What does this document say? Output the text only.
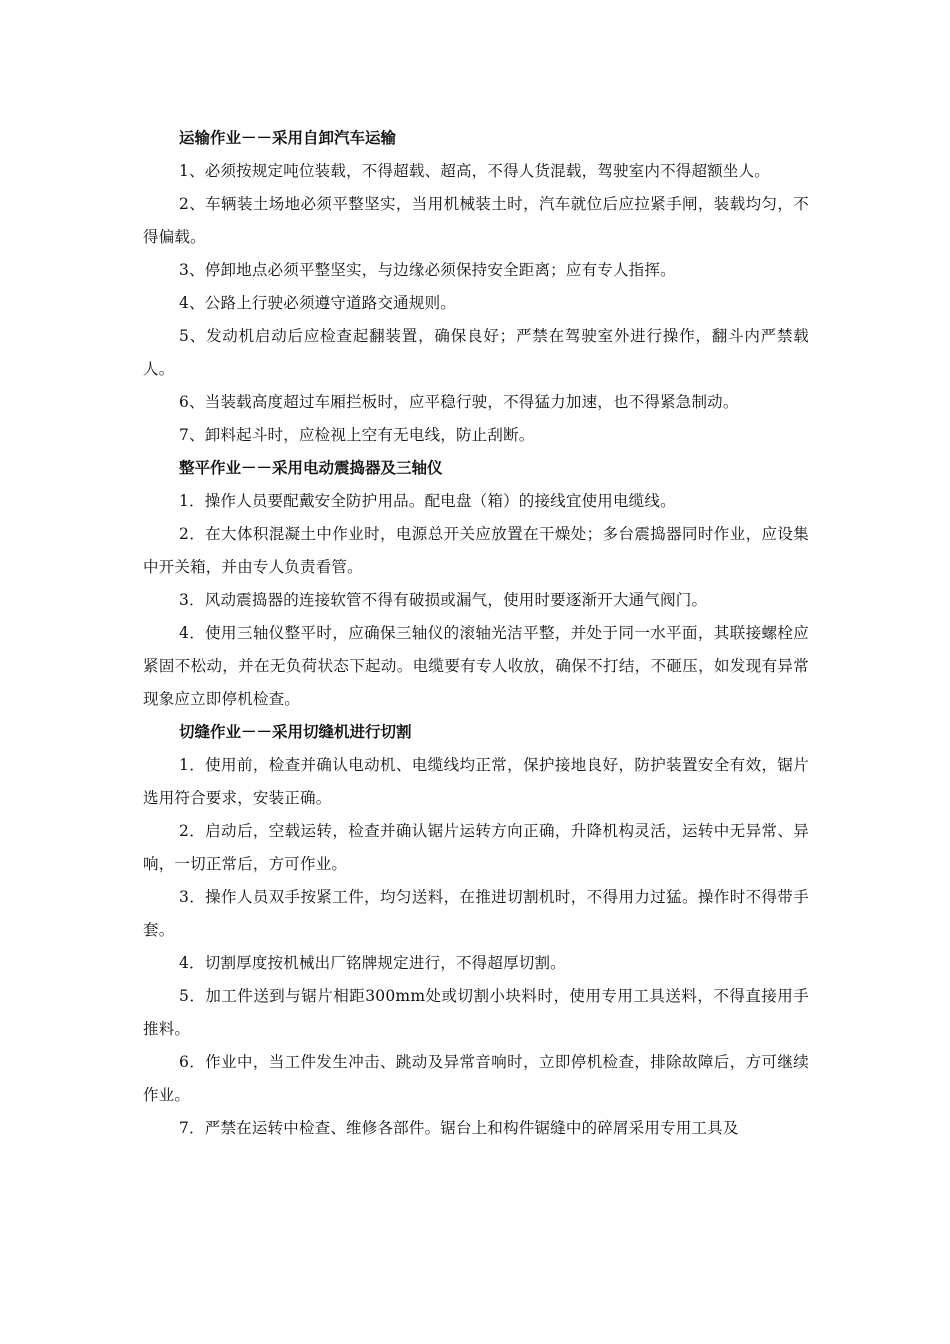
运输作业－－采用自卸汽车运输

1、必须按规定吨位装载，不得超载、超高，不得人货混载，驾驶室内不得超额坐人。

2、车辆装土场地必须平整坚实，当用机械装土时，汽车就位后应拉紧手闸，装载均匀，不得偏载。

3、停卸地点必须平整坚实，与边缘必须保持安全距离；应有专人指挥。

4、公路上行驶必须遵守道路交通规则。

5、发动机启动后应检查起翻装置，确保良好；严禁在驾驶室外进行操作，翻斗内严禁载人。

6、当装载高度超过车厢拦板时，应平稳行驶，不得猛力加速，也不得紧急制动。

7、卸料起斗时，应检视上空有无电线，防止刮断。

整平作业－－采用电动震捣器及三轴仪

1．操作人员要配戴安全防护用品。配电盘（箱）的接线宜使用电缆线。

2．在大体积混凝土中作业时，电源总开关应放置在干燥处；多台震捣器同时作业，应设集中开关箱，并由专人负责看管。

3．风动震捣器的连接软管不得有破损或漏气，使用时要逐渐开大通气阀门。

4．使用三轴仪整平时，应确保三轴仪的滚轴光洁平整，并处于同一水平面，其联接螺栓应紧固不松动，并在无负荷状态下起动。电缆要有专人收放，确保不打结，不砸压，如发现有异常现象应立即停机检查。

切缝作业－－采用切缝机进行切割

1．使用前，检查并确认电动机、电缆线均正常，保护接地良好，防护装置安全有效，锯片选用符合要求，安装正确。

2．启动后，空载运转，检查并确认锯片运转方向正确，升降机构灵活，运转中无异常、异响，一切正常后，方可作业。

3．操作人员双手按紧工件，均匀送料，在推进切割机时，不得用力过猛。操作时不得带手套。

4．切割厚度按机械出厂铭牌规定进行，不得超厚切割。

5．加工件送到与锯片相距300mm处或切割小块料时，使用专用工具送料，不得直接用手推料。

6．作业中，当工件发生冲击、跳动及异常音响时，立即停机检查，排除故障后，方可继续作业。

7．严禁在运转中检查、维修各部件。锯台上和构件锯缝中的碎屑采用专用工具及
